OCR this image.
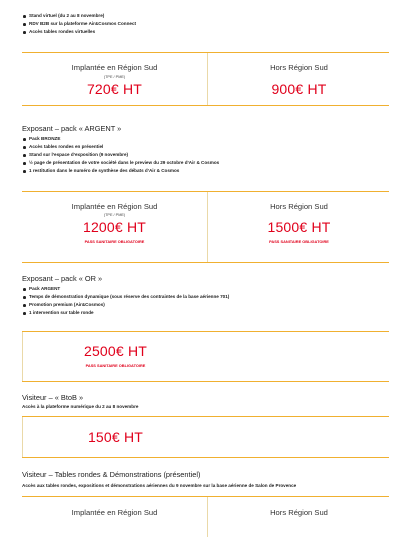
Stand virtuel (du 2 au 8 novembre)
RDV B2B sur la plateforme Air&Cosmos Connect
Accès tables rondes virtuelles
Implantée en Région Sud
(TPE / PME)
720€ HT
Hors Région Sud
900€ HT
Exposant – pack « ARGENT »
Pack BRONZE
Accès tables rondes en présentiel
Stand sur l’espace d’exposition (9 novembre)
½ page de présentation de votre société dans le preview du 29 octobre d’Air & Cosmos
1 restitution dans le numéro de synthèse des débats d’Air & Cosmos
Implantée en Région Sud
(TPE / PME)
1200€ HT
PASS SANITAIRE OBLIGATOIRE
Hors Région Sud
1500€ HT
PASS SANITAIRE OBLIGATOIRE
Exposant – pack « OR »
Pack ARGENT
Temps de démonstration dynamique (sous réserve des contraintes de la base aérienne 701)
Promotion premium (Air&Cosmos)
1 intervention sur table ronde
2500€ HT
PASS SANITAIRE OBLIGATOIRE
Visiteur – « BtoB »
Accès à la plateforme numérique du 2 au 8 novembre
150€ HT
Visiteur – Tables rondes & Démonstrations (présentiel)
Accès aux tables rondes, expositions et démonstrations aériennes du 9 novembre sur la base aérienne de Salon de Provence
Implantée en Région Sud	Hors Région Sud
